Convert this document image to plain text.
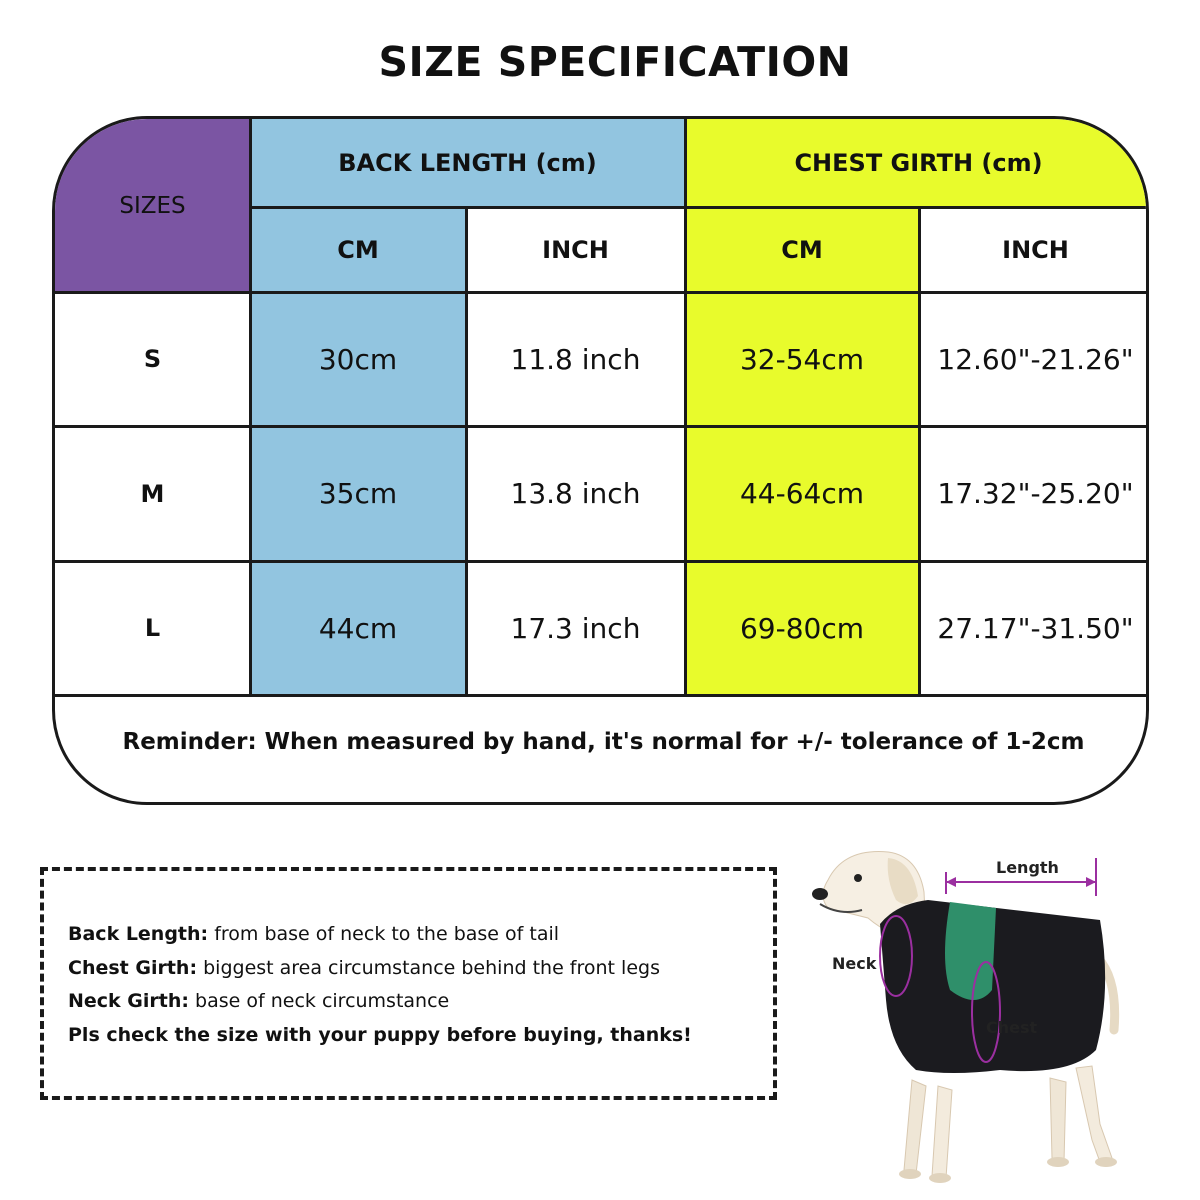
SIZE SPECIFICATION
SIZES
BACK LENGTH (cm)	CHEST GIRTH (cm)
CM	INCH	CM	INCH
S	30cm	11.8 inch	32-54cm	12.60"-21.26"
M	35cm	13.8 inch	44-64cm	17.32"-25.20"
L	44cm	17.3 inch	69-80cm	27.17"-31.50"
Reminder: When measured by hand, it's normal for +/- tolerance of 1-2cm
Back Length: from base of neck to the base of tail
Chest Girth: biggest area circumstance behind the front legs
Neck Girth: base of neck circumstance
Pls check the size with your puppy before buying, thanks!
Length
Neck
Chest
